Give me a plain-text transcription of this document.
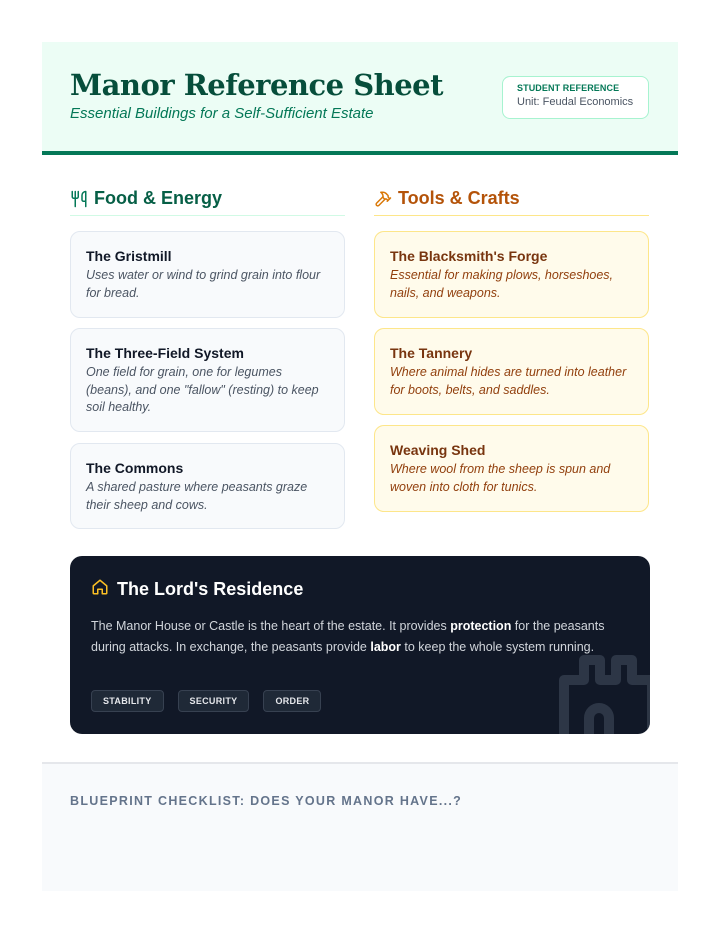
Manor Reference Sheet
Essential Buildings for a Self-Sufficient Estate
STUDENT REFERENCE
Unit: Feudal Economics
Food & Energy
The Gristmill
Uses water or wind to grind grain into flour for bread.
The Three-Field System
One field for grain, one for legumes (beans), and one "fallow" (resting) to keep soil healthy.
The Commons
A shared pasture where peasants graze their sheep and cows.
Tools & Crafts
The Blacksmith's Forge
Essential for making plows, horseshoes, nails, and weapons.
The Tannery
Where animal hides are turned into leather for boots, belts, and saddles.
Weaving Shed
Where wool from the sheep is spun and woven into cloth for tunics.
The Lord's Residence
The Manor House or Castle is the heart of the estate. It provides protection for the peasants during attacks. In exchange, the peasants provide labor to keep the whole system running.
STABILITY	SECURITY	ORDER
BLUEPRINT CHECKLIST: DOES YOUR MANOR HAVE...?
